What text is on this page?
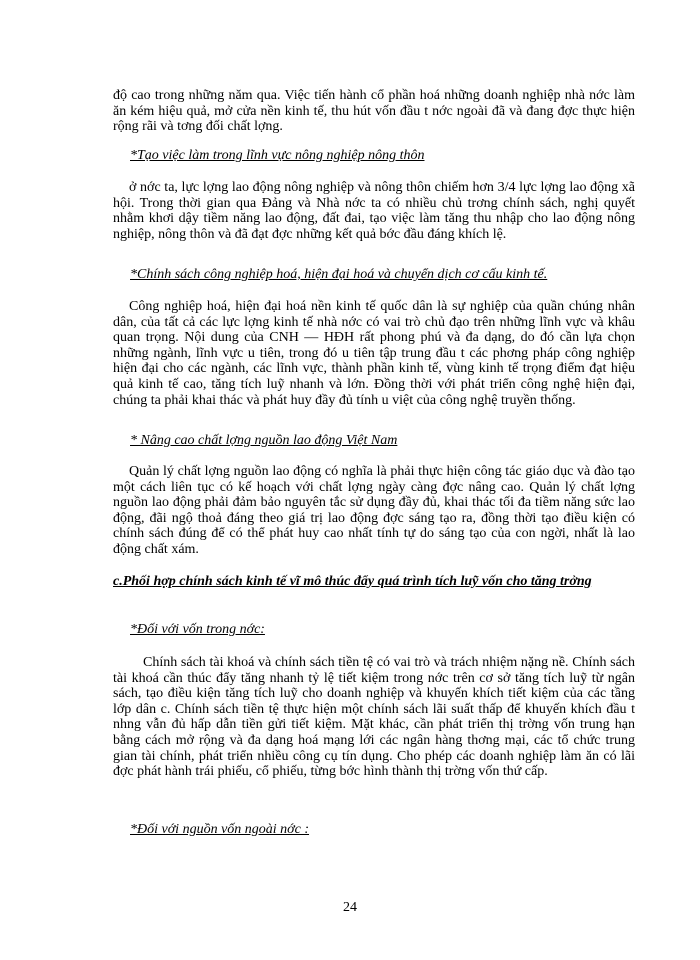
độ cao trong những năm qua. Việc tiến hành cổ phần hoá những doanh nghiệp nhà nớc làm ăn kém hiệu quả, mở cửa nền kinh tế, thu hút vốn đầu t nớc ngoài đã và đang đợc thực hiện rộng rãi và tơng đối chất lợng.

*Tạo việc làm trong lĩnh vực nông nghiệp nông thôn

ở nớc ta, lực lợng lao động nông nghiệp và nông thôn chiếm hơn 3/4 lực lợng lao động xã hội. Trong thời gian qua Đảng và Nhà nớc ta có nhiều chủ trơng chính sách, nghị quyết nhằm khơi dậy tiềm năng lao động, đất đai, tạo việc làm tăng thu nhập cho lao động nông nghiệp, nông thôn và đã đạt đợc những kết quả bớc đầu đáng khích lệ.

*Chính sách công nghiệp hoá, hiện đại hoá và chuyển dịch cơ cấu kinh tế.

Công nghiệp hoá, hiện đại hoá nền kinh tế quốc dân là sự nghiệp của quần chúng nhân dân, của tất cả các lực lợng kinh tế nhà nớc có vai trò chủ đạo trên những lĩnh vực và khâu quan trọng. Nội dung của CNH — HĐH rất phong phú và đa dạng, do đó cần lựa chọn những ngành, lĩnh vực u tiên, trong đó u tiên tập trung đầu t các phơng pháp công nghiệp hiện đại cho các ngành, các lĩnh vực, thành phần kinh tế, vùng kinh tế trọng điểm đạt hiệu quả kinh tế cao, tăng tích luỹ nhanh và lớn. Đồng thời với phát triển công nghệ hiện đại, chúng ta phải khai thác và phát huy đầy đủ tính u việt của công nghệ truyền thống.

* Nâng cao chất lợng nguồn lao động Việt Nam

Quản lý chất lợng nguồn lao động có nghĩa là phải thực hiện công tác giáo dục và đào tạo một cách liên tục có kế hoạch với chất lợng ngày càng đợc nâng cao. Quản lý chất lợng nguồn lao động phải đảm bảo nguyên tắc sử dụng đầy đủ, khai thác tối đa tiềm năng sức lao động, đãi ngộ thoả đáng theo giá trị lao động đợc sáng tạo ra, đồng thời tạo điều kiện có chính sách đúng để có thể phát huy cao nhất tính tự do sáng tạo của con ngời, nhất là lao động chất xám.

c.Phối hợp chính sách kinh tế vĩ mô thúc đẩy quá trình tích luỹ vốn cho tăng trởng

*Đối với vốn trong nớc:

Chính sách tài khoá và chính sách tiền tệ có vai trò và trách nhiệm nặng nề. Chính sách tài khoá cần thúc đẩy tăng nhanh tỷ lệ tiết kiệm trong nớc trên cơ sở tăng tích luỹ từ ngân sách, tạo điều kiện tăng tích luỹ cho doanh nghiệp và khuyến khích tiết kiệm của các tầng lớp dân c. Chính sách tiền tệ thực hiện một chính sách lãi suất thấp để khuyến khích đầu t nhng vẫn đủ hấp dẫn tiền gửi tiết kiệm. Mặt khác, cần phát triển thị trờng vốn trung hạn bằng cách mở rộng và đa dạng hoá mạng lới các ngân hàng thơng mại, các tổ chức trung gian tài chính, phát triển nhiều công cụ tín dụng. Cho phép các doanh nghiệp làm ăn có lãi đợc phát hành trái phiếu, cổ phiếu, từng bớc hình thành thị trờng vốn thứ cấp.

*Đối với nguồn vốn ngoài nớc :

24
